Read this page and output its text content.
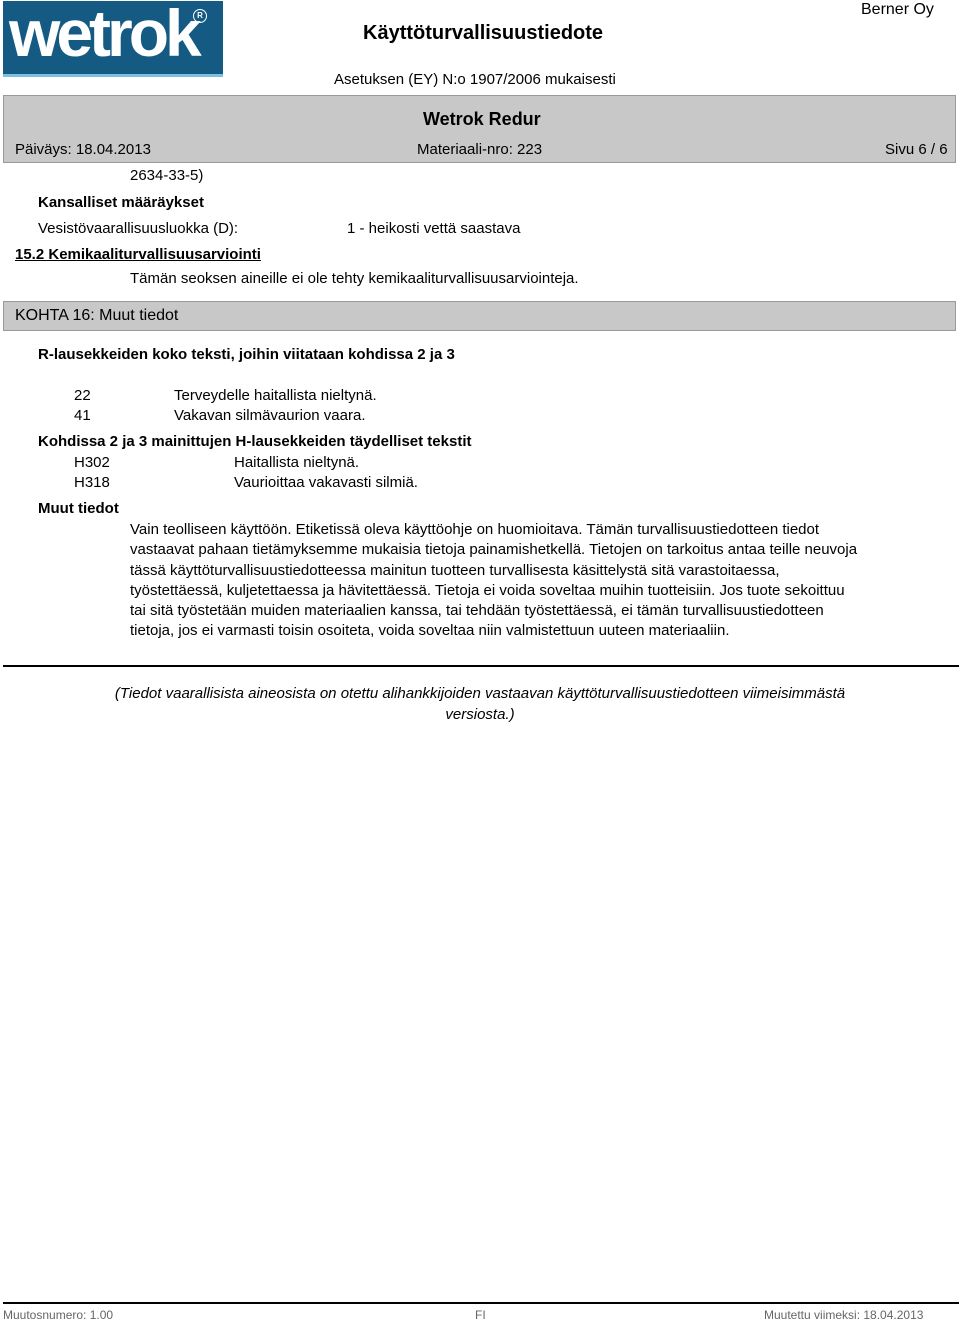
wetrok R	Berner Oy
Käyttöturvallisuustiedote
Asetuksen (EY) N:o 1907/2006 mukaisesti
Wetrok Redur
Päiväys: 18.04.2013	Materiaali-nro: 223	Sivu 6 / 6
2634-33-5)
Kansalliset määräykset
Vesistövaarallisuusluokka (D):	1 - heikosti vettä saastava
15.2 Kemikaaliturvallisuusarviointi
Tämän seoksen aineille ei ole tehty kemikaaliturvallisuusarviointeja.
KOHTA 16: Muut tiedot
R-lausekkeiden koko teksti, joihin viitataan kohdissa 2 ja 3
22	Terveydelle haitallista nieltynä.
41	Vakavan silmävaurion vaara.
Kohdissa 2 ja 3 mainittujen H-lausekkeiden täydelliset tekstit
H302	Haitallista nieltynä.
H318	Vaurioittaa vakavasti silmiä.
Muut tiedot
Vain teolliseen käyttöön. Etiketissä oleva käyttöohje on huomioitava. Tämän turvallisuustiedotteen tiedot vastaavat pahaan tietämyksemme mukaisia tietoja painamishetkellä. Tietojen on tarkoitus antaa teille neuvoja tässä käyttöturvallisuustiedotteessa mainitun tuotteen turvallisesta käsittelystä sitä varastoitaessa, työstettäessä, kuljetettaessa ja hävitettäessä. Tietoja ei voida soveltaa muihin tuotteisiin. Jos tuote sekoittuu tai sitä työstetään muiden materiaalien kanssa, tai tehdään työstettäessä, ei tämän turvallisuustiedotteen tietoja, jos ei varmasti toisin osoiteta, voida soveltaa niin valmistettuun uuteen materiaaliin.
(Tiedot vaarallisista aineosista on otettu alihankkijoiden vastaavan käyttöturvallisuustiedotteen viimeisimmästä versiosta.)
Muutosnumero: 1.00	FI	Muutettu viimeksi: 18.04.2013
